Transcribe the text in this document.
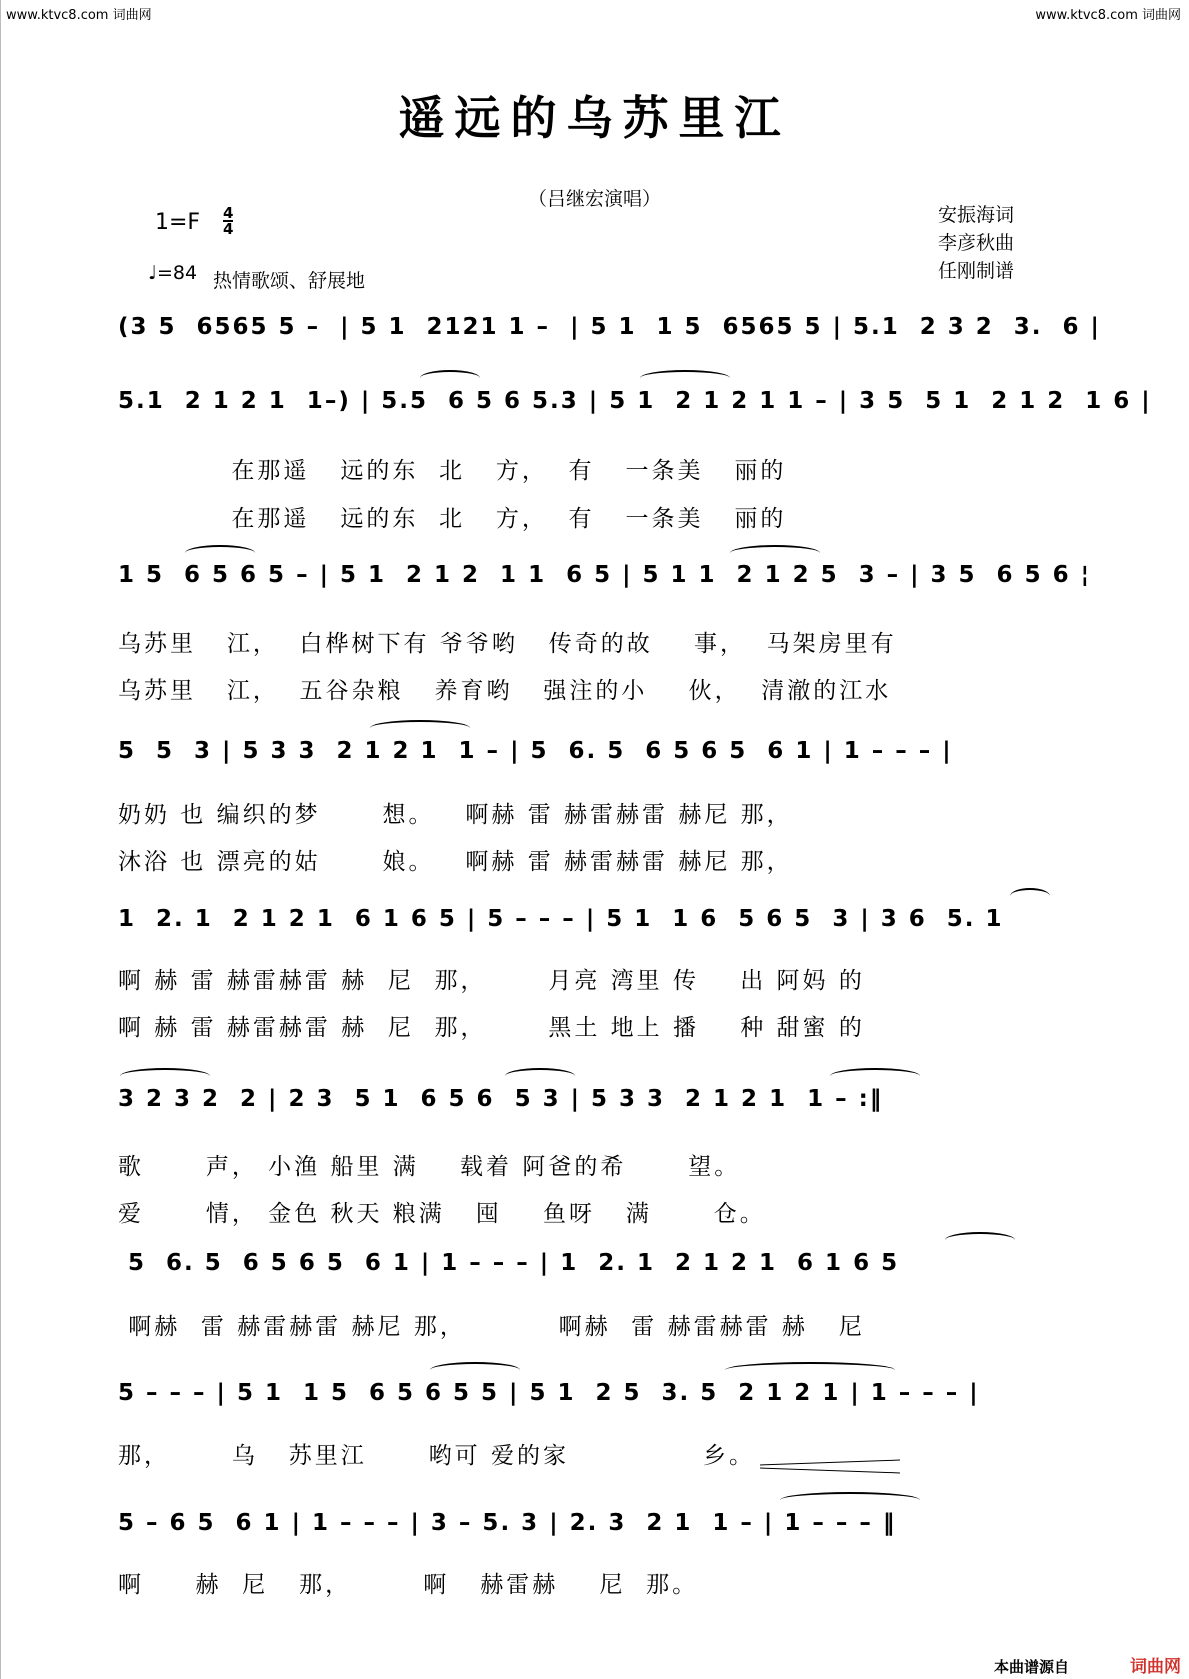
www.ktvc8.com 词曲网	www.ktvc8.com 词曲网
遥远的乌苏里江
（吕继宏演唱）
安振海词
李彦秋曲
任刚制谱
1=F 4
4
♩=84 热情歌颂、舒展地
(3 5  6565 5 –  | 5 1  2121 1 –  | 5 1  1 5  6565 5 | 5.1  2 3 2  3.  6 |
5.1  2 1 2 1  1–) | 5.5  6 5 6 5.3 | 5 1  2 1 2 1 1 – | 3 5  5 1  2 1 2  1 6 |
在那遥   远的东  北   方，  有   一条美   丽的
在那遥   远的东  北   方，  有   一条美   丽的
1 5  6 5 6 5 – | 5 1  2 1 2  1 1  6 5 | 5 1 1  2 1 2 5  3 – | 3 5  6 5 6 ¦
乌苏里   江，  白桦树下有 爷爷哟   传奇的故    事，  马架房里有
乌苏里   江，  五谷杂粮   养育哟   强注的小    伙，  清澈的江水
5  5  3 | 5 3 3  2 1 2 1  1 – | 5  6. 5  6 5 6 5  6 1 | 1 – – – |
奶奶 也 编织的梦      想。   啊赫 雷 赫雷赫雷 赫尼 那，
沐浴 也 漂亮的姑      娘。   啊赫 雷 赫雷赫雷 赫尼 那，
1  2. 1  2 1 2 1  6 1 6 5 | 5 – – – | 5 1  1 6  5 6 5  3 | 3 6  5. 1
啊 赫 雷 赫雷赫雷 赫  尼  那，      月亮 湾里 传    出 阿妈 的
啊 赫 雷 赫雷赫雷 赫  尼  那，      黑土 地上 播    种 甜蜜 的
3 2 3 2  2 | 2 3  5 1  6 5 6  5 3 | 5 3 3  2 1 2 1  1 – :‖
歌      声， 小渔 船里 满    载着 阿爸的希      望。
爱      情， 金色 秋天 粮满   囤    鱼呀   满      仓。
5  6. 5  6 5 6 5  6 1 | 1 – – – | 1  2. 1  2 1 2 1  6 1 6 5
啊赫  雷 赫雷赫雷 赫尼 那，         啊赫  雷 赫雷赫雷 赫   尼
5 – – – | 5 1  1 5  6 5 6 5 5 | 5 1  2 5  3. 5  2 1 2 1 | 1 – – – |
那，      乌   苏里江      哟可 爱的家             乡。
5 – 6 5  6 1 | 1 – – – | 3 – 5. 3 | 2. 3  2 1  1 – | 1 – – – ‖
啊     赫  尼   那，       啊   赫雷赫    尼  那。
本曲谱源自	词曲网
